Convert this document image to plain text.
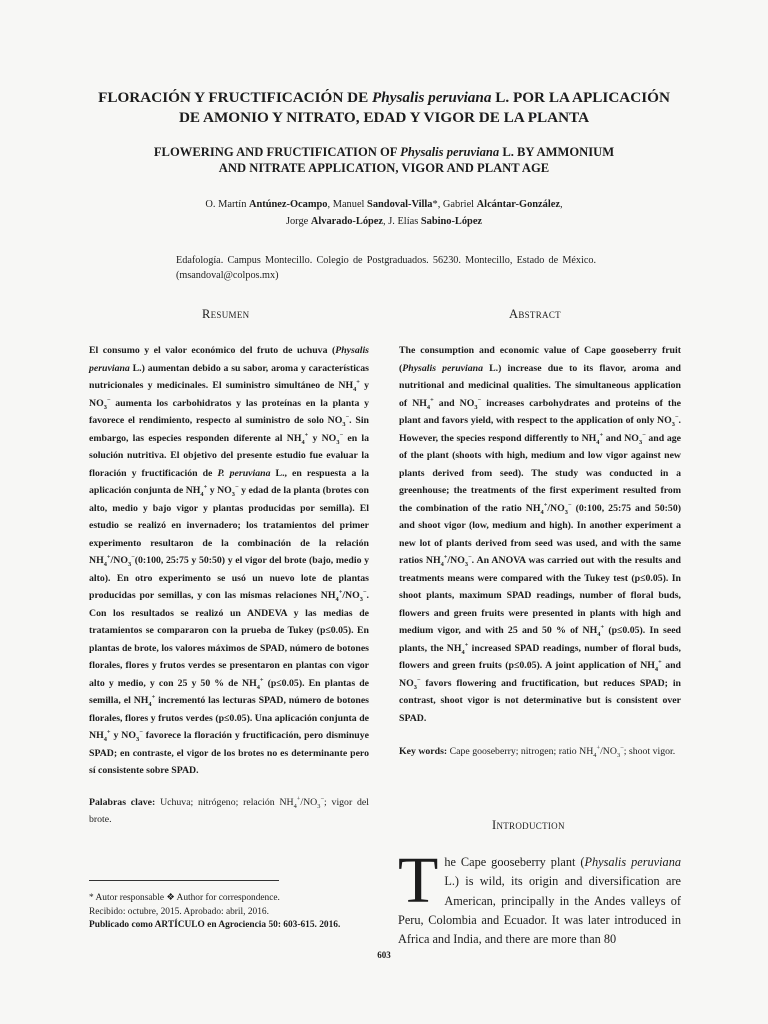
FLORACIÓN Y FRUCTIFICACIÓN DE Physalis peruviana L. POR LA APLICACIÓN
DE AMONIO Y NITRATO, EDAD Y VIGOR DE LA PLANTA
FLOWERING AND FRUCTIFICATION OF Physalis peruviana L. BY AMMONIUM
AND NITRATE APPLICATION, VIGOR AND PLANT AGE
O. Martín Antúnez-Ocampo, Manuel Sandoval-Villa*, Gabriel Alcántar-González,
Jorge Alvarado-López, J. Elías Sabino-López
Edafología. Campus Montecillo. Colegio de Postgraduados. 56230. Montecillo, Estado de México. (msandoval@colpos.mx)
Resumen	Abstract

El consumo y el valor económico del fruto de uchuva (Physalis peruviana L.) aumentan debido a su sabor, aroma y características nutricionales y medicinales. El suministro simultáneo de $NH_4^+$ y $NO_3^-$ aumenta los carbohidratos y las proteínas en la planta y favorece el rendimiento, respecto al suministro de solo $NO_3^-$. Sin embargo, las especies responden diferente al $NH_4^+$ y $NO_3^-$ en la solución nutritiva. El objetivo del presente estudio fue evaluar la floración y fructificación de P. peruviana L., en respuesta a la aplicación conjunta de $NH_4^+$ y $NO_3^-$ y edad de la planta (brotes con alto, medio y bajo vigor y plantas producidas por semilla). El estudio se realizó en invernadero; los tratamientos del primer experimento resultaron de la combinación de la relación $NH_4^+/NO_3^-(0:100$, 25:75 y 50:50) y el vigor del brote (bajo, medio y alto). En otro experimento se usó un nuevo lote de plantas producidas por semillas, y con las mismas relaciones $NH_4^+/NO_3^-$. Con los resultados se realizó un ANDEVA y las medias de tratamientos se compararon con la prueba de Tukey (p≤0.05). En plantas de brote, los valores máximos de SPAD, número de botones florales, flores y frutos verdes se presentaron en plantas con vigor alto y medio, y con 25 y 50 % de $NH_4^+$ (p≤0.05). En plantas de semilla, el $NH_4^+$ incrementó las lecturas SPAD, número de botones florales, flores y frutos verdes (p≤0.05). Una aplicación conjunta de $NH_4^+$ y $NO_3^-$ favorece la floración y fructificación, pero disminuye SPAD; en contraste, el vigor de los brotes no es determinante pero sí consistente sobre SPAD.

Palabras clave: Uchuva; nitrógeno; relación $NH_4^+/NO_3^-$; vigor del brote.

The consumption and economic value of Cape gooseberry fruit (Physalis peruviana L.) increase due to its flavor, aroma and nutritional and medicinal qualities. The simultaneous application of $NH_4^+$ and $NO_3^-$ increases carbohydrates and proteins of the plant and favors yield, with respect to the application of only $NO_3^-$. However, the species respond differently to $NH_4^+$ and $NO_3^-$ and age of the plant (shoots with high, medium and low vigor against new plants derived from seed). The study was conducted in a greenhouse; the treatments of the first experiment resulted from the combination of the ratio $NH_4^+/NO_3^-$ (0:100, 25:75 and 50:50) and shoot vigor (low, medium and high). In another experiment a new lot of plants derived from seed was used, and with the same ratios $NH_4^+/NO_3^-$. An ANOVA was carried out with the results and treatments means were compared with the Tukey test (p≤0.05). In shoot plants, maximum SPAD readings, number of floral buds, flowers and green fruits were presented in plants with high and medium vigor, and with 25 and 50 % of $NH_4^+$ (p≤0.05). In seed plants, the $NH_4^+$ increased SPAD readings, number of floral buds, flowers and green fruits (p≤0.05). A joint application of $NH_4^+$ and $NO_3^-$ favors flowering and fructification, but reduces SPAD; in contrast, shoot vigor is not determinative but is consistent over SPAD.

Key words: Cape gooseberry; nitrogen; ratio $NH_4^+/NO_3^-$; shoot vigor.

Introduction
The Cape gooseberry plant (Physalis peruviana L.) is wild, its origin and diversification are American, principally in the Andes valleys of Peru, Colombia and Ecuador. It was later introduced in Africa and India, and there are more than 80
* Autor responsable ❖ Author for correspondence.
Recibido: octubre, 2015. Aprobado: abril, 2016.
Publicado como ARTÍCULO en Agrociencia 50: 603-615. 2016.
603
